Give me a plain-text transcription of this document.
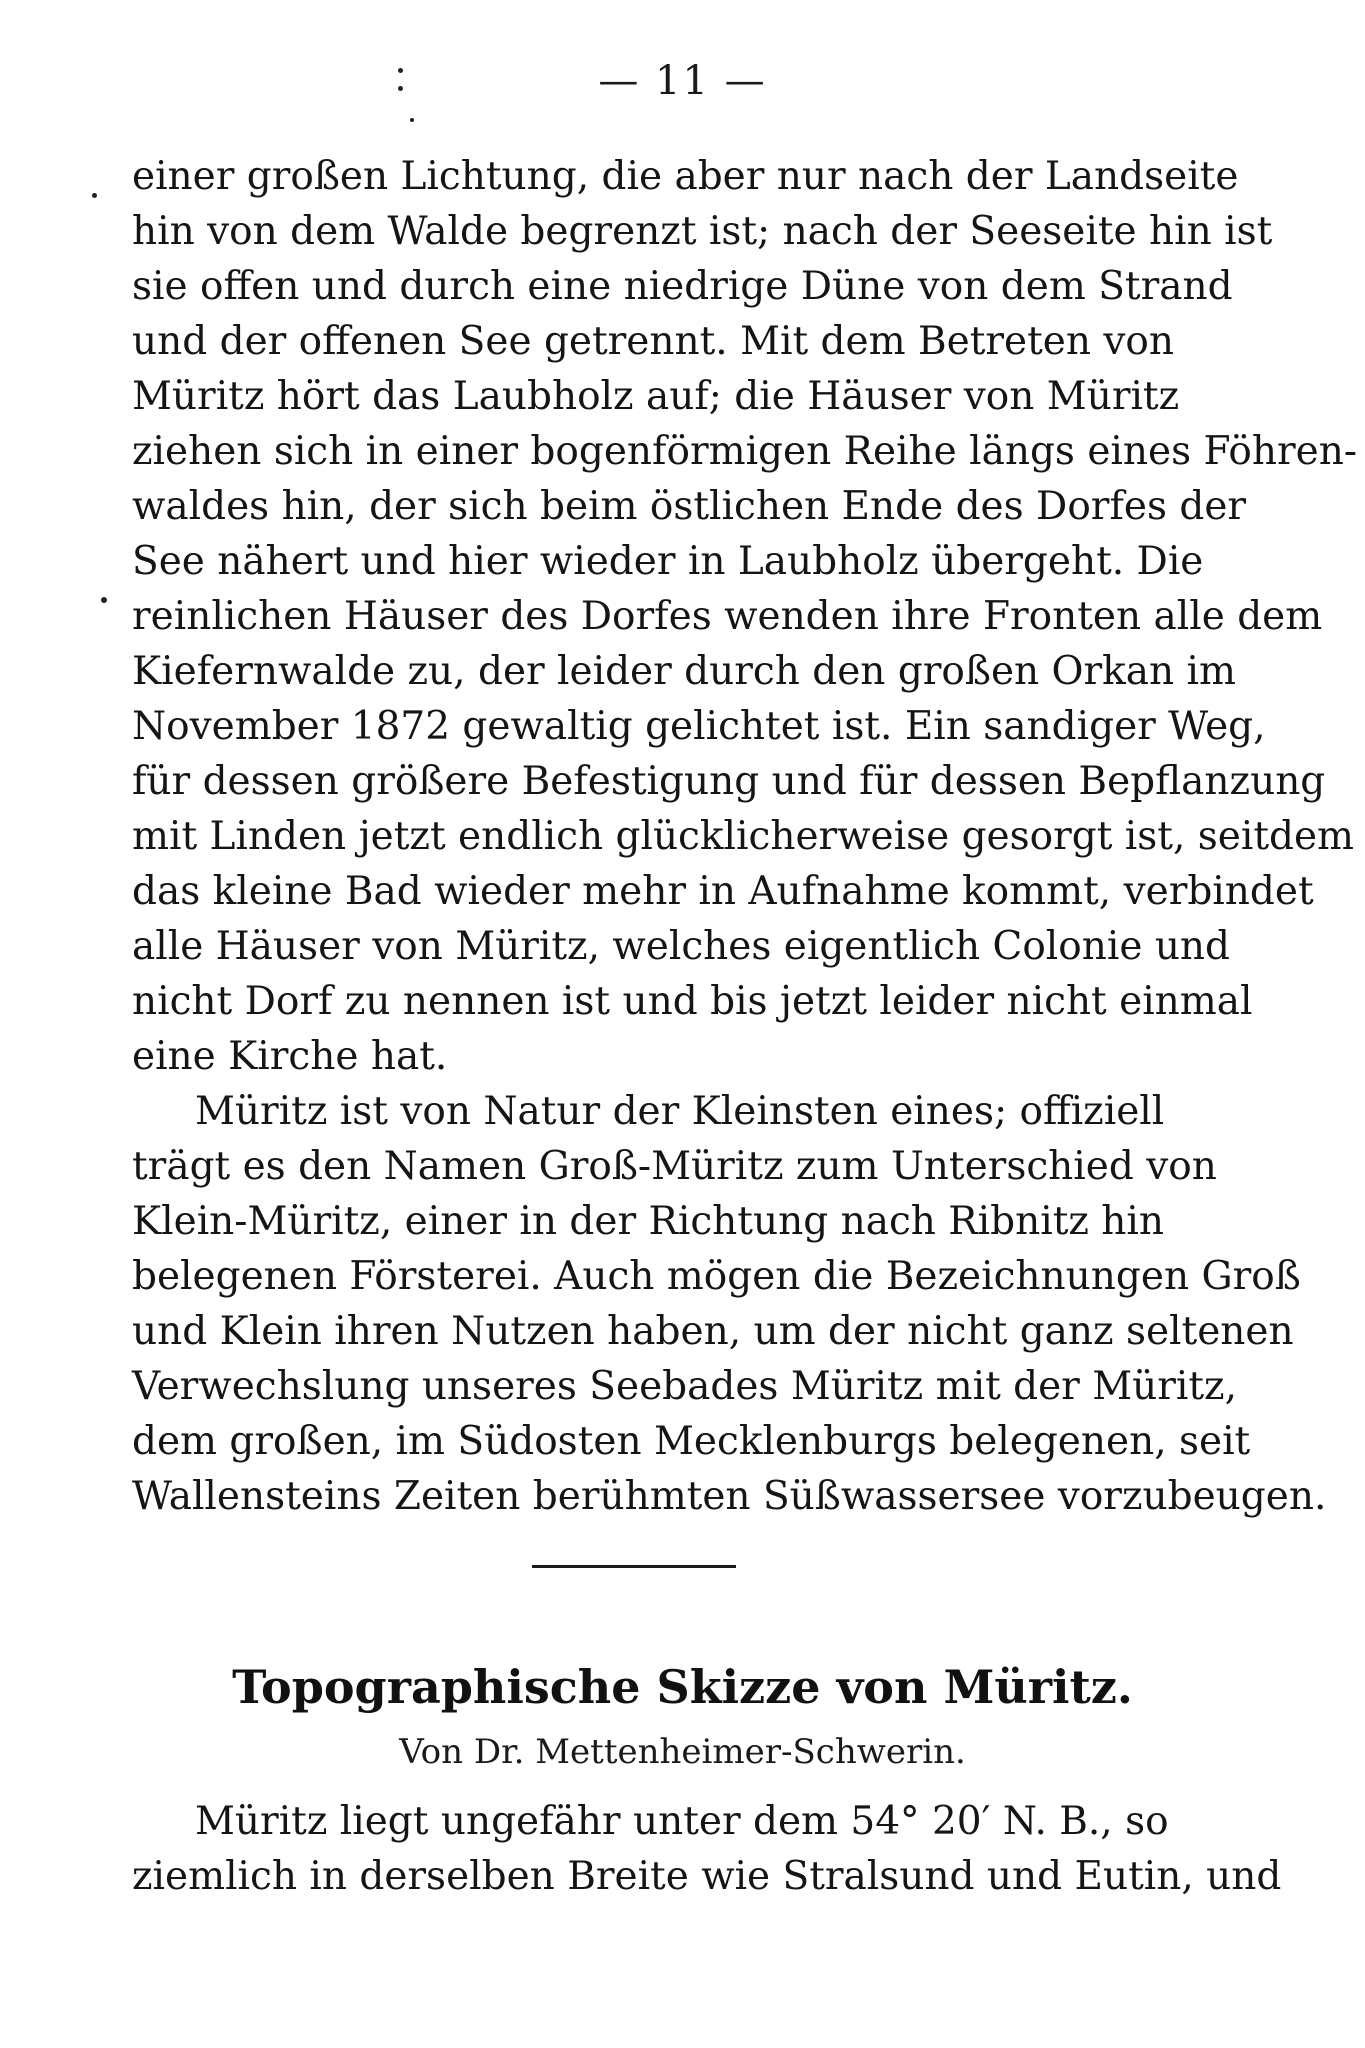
— 11 —
einer großen Lichtung, die aber nur nach der Landseite
hin von dem Walde begrenzt ist; nach der Seeseite hin ist
sie offen und durch eine niedrige Düne von dem Strand
und der offenen See getrennt. Mit dem Betreten von
Müritz hört das Laubholz auf; die Häuser von Müritz
ziehen sich in einer bogenförmigen Reihe längs eines Föhren-
waldes hin, der sich beim östlichen Ende des Dorfes der
See nähert und hier wieder in Laubholz übergeht. Die
reinlichen Häuser des Dorfes wenden ihre Fronten alle dem
Kiefernwalde zu, der leider durch den großen Orkan im
November 1872 gewaltig gelichtet ist. Ein sandiger Weg,
für dessen größere Befestigung und für dessen Bepflanzung
mit Linden jetzt endlich glücklicherweise gesorgt ist, seitdem
das kleine Bad wieder mehr in Aufnahme kommt, verbindet
alle Häuser von Müritz, welches eigentlich Colonie und
nicht Dorf zu nennen ist und bis jetzt leider nicht einmal
eine Kirche hat.
Müritz ist von Natur der Kleinsten eines; offiziell
trägt es den Namen Groß-Müritz zum Unterschied von
Klein-Müritz, einer in der Richtung nach Ribnitz hin
belegenen Försterei. Auch mögen die Bezeichnungen Groß
und Klein ihren Nutzen haben, um der nicht ganz seltenen
Verwechslung unseres Seebades Müritz mit der Müritz,
dem großen, im Südosten Mecklenburgs belegenen, seit
Wallensteins Zeiten berühmten Süßwassersee vorzubeugen.
Topographische Skizze von Müritz.
Von Dr. Mettenheimer-Schwerin.
Müritz liegt ungefähr unter dem 54° 20′ N. B., so
ziemlich in derselben Breite wie Stralsund und Eutin, und
